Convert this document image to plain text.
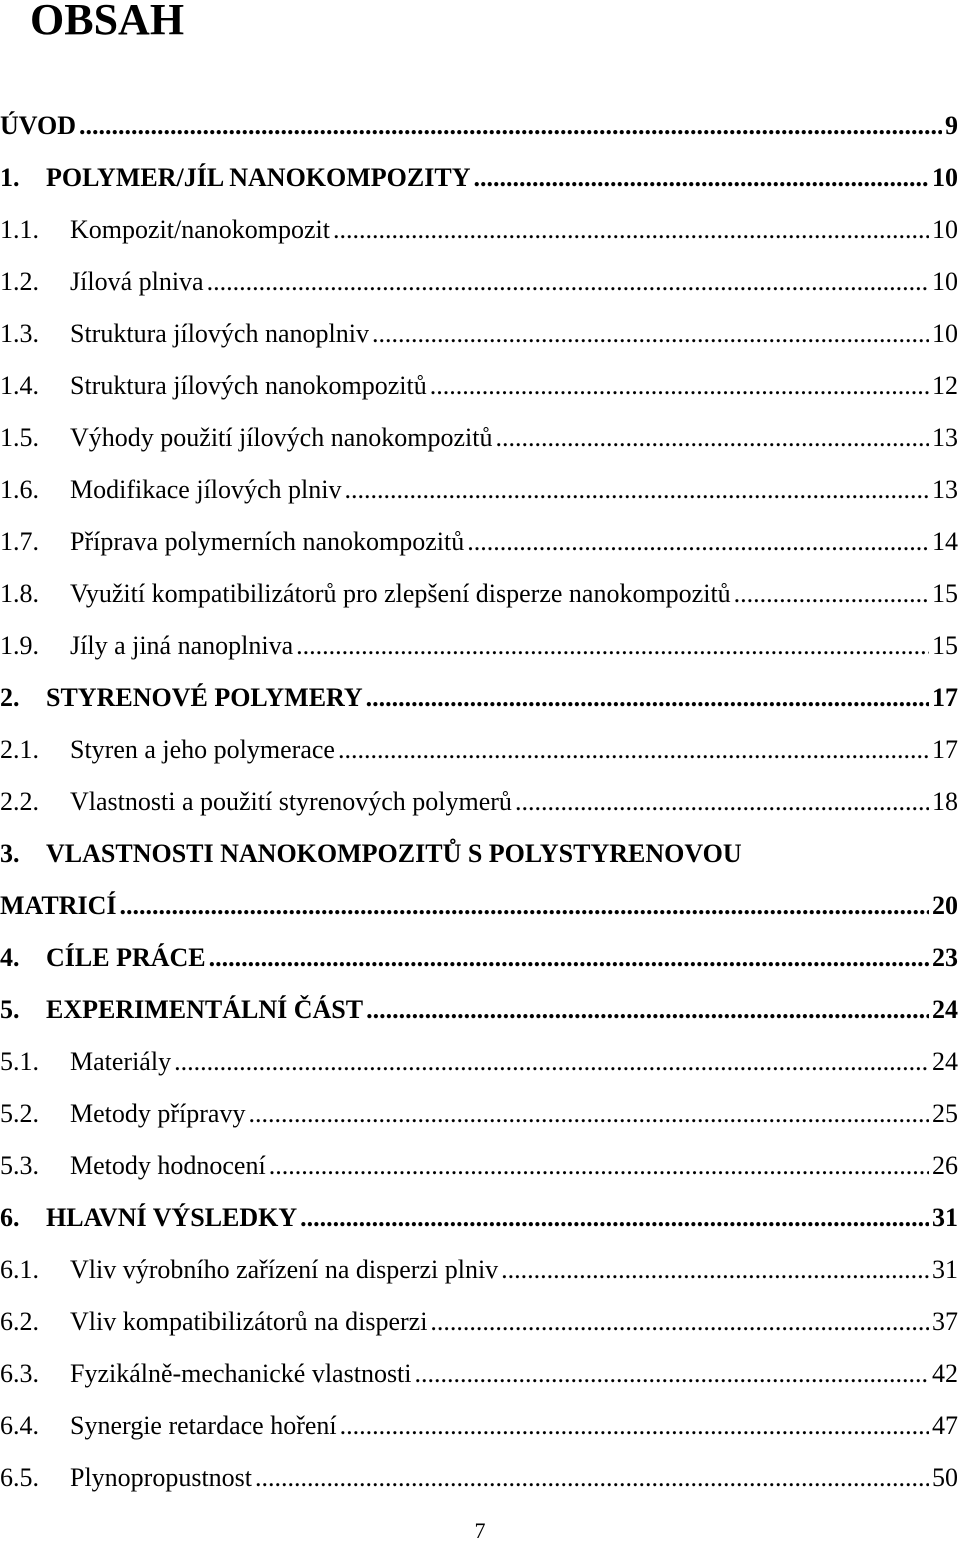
OBSAH
ÚVOD .....	9
1.	POLYMER/JÍL NANOKOMPOZITY .....	10
1.1.	Kompozit/nanokompozit .....	10
1.2.	Jílová plniva .....	10
1.3.	Struktura jílových nanoplniv .....	10
1.4.	Struktura jílových nanokompozitů .....	12
1.5.	Výhody použití jílových nanokompozitů .....	13
1.6.	Modifikace jílových plniv .....	13
1.7.	Příprava polymerních nanokompozitů .....	14
1.8.	Využití kompatibilizátorů pro zlepšení disperze nanokompozitů .....	15
1.9.	Jíly a jiná nanoplniva .....	15
2.	STYRENOVÉ POLYMERY .....	17
2.1.	Styren a jeho polymerace .....	17
2.2.	Vlastnosti a použití styrenových polymerů .....	18
3.	VLASTNOSTI NANOKOMPOZITŮ S POLYSTYRENOVOU
MATRICÍ .....	20
4.	CÍLE PRÁCE .....	23
5.	EXPERIMENTÁLNÍ ČÁST .....	24
5.1.	Materiály .....	24
5.2.	Metody přípravy .....	25
5.3.	Metody hodnocení .....	26
6.	HLAVNÍ VÝSLEDKY .....	31
6.1.	Vliv výrobního zařízení na disperzi plniv .....	31
6.2.	Vliv kompatibilizátorů na disperzi .....	37
6.3.	Fyzikálně-mechanické vlastnosti .....	42
6.4.	Synergie retardace hoření .....	47
6.5.	Plynopropustnost .....	50
7
